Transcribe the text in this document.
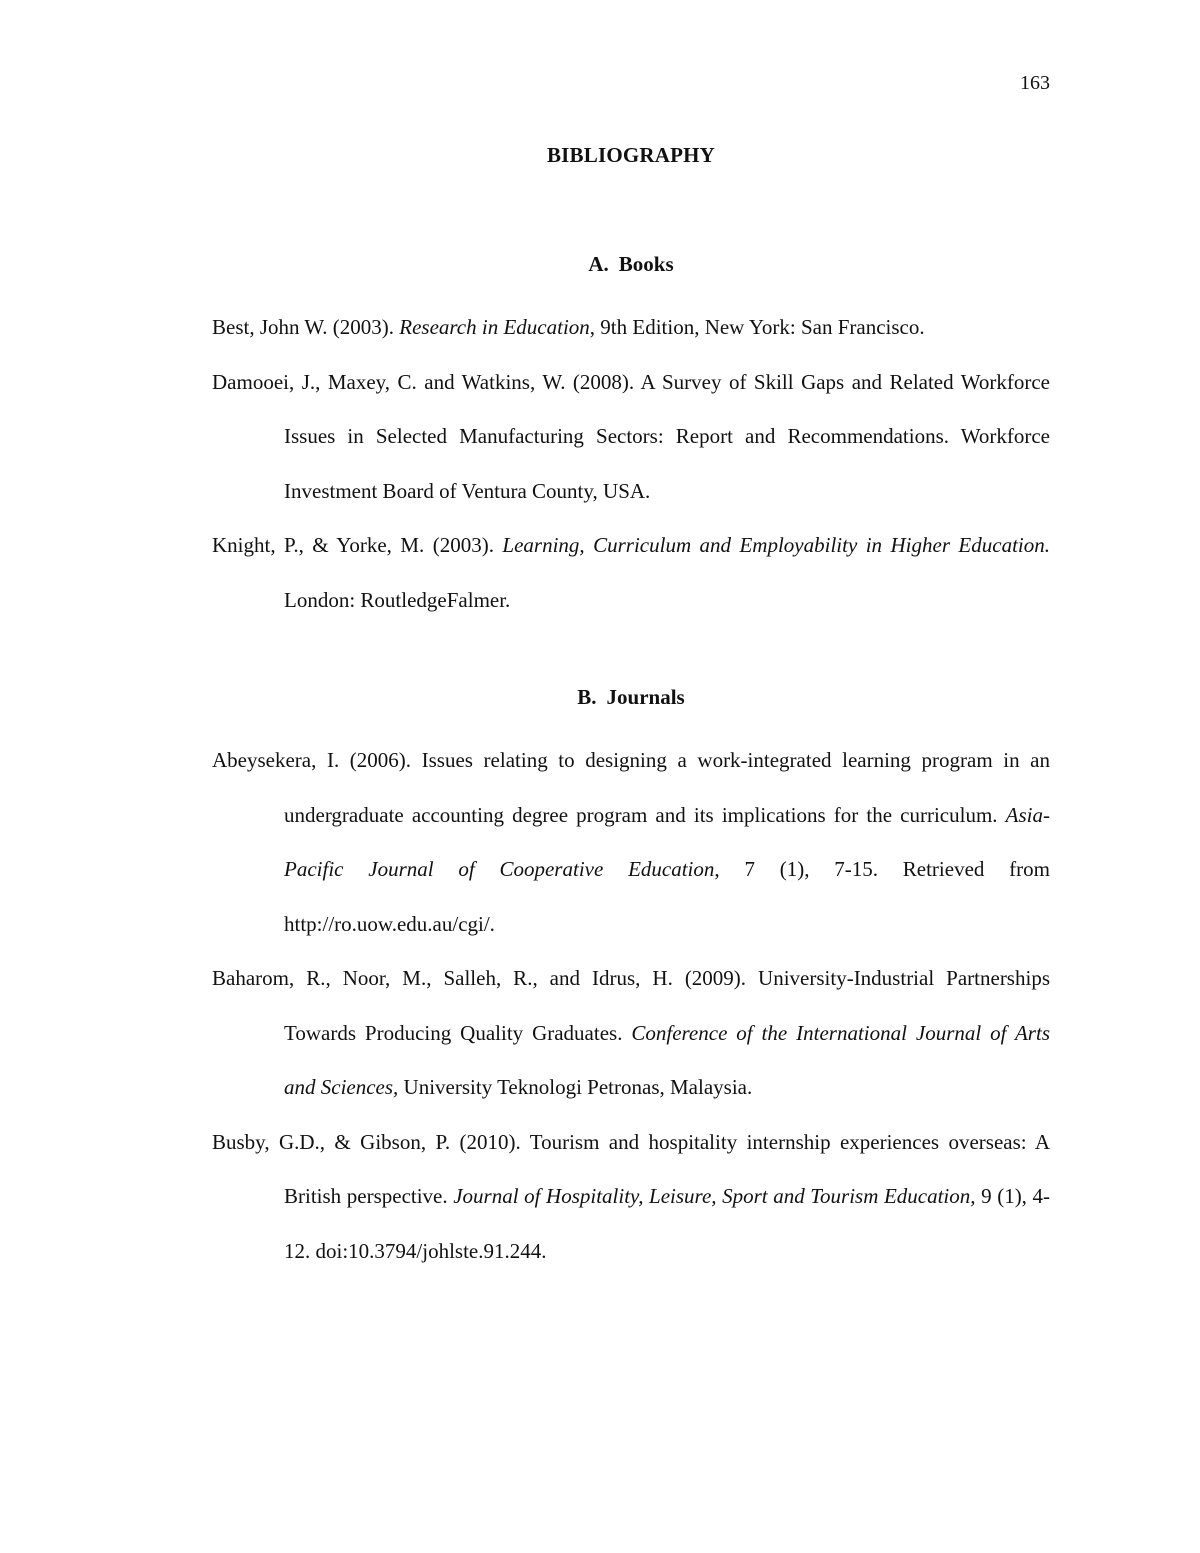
163
BIBLIOGRAPHY
A. Books

Best, John W. (2003). Research in Education, 9th Edition, New York: San Francisco.

Damooei, J., Maxey, C. and Watkins, W. (2008). A Survey of Skill Gaps and Related Workforce Issues in Selected Manufacturing Sectors: Report and Recommendations. Workforce Investment Board of Ventura County, USA.

Knight, P., & Yorke, M. (2003). Learning, Curriculum and Employability in Higher Education. London: RoutledgeFalmer.

B. Journals

Abeysekera, I. (2006). Issues relating to designing a work-integrated learning program in an undergraduate accounting degree program and its implications for the curriculum. Asia-Pacific Journal of Cooperative Education, 7 (1), 7-15. Retrieved from http://ro.uow.edu.au/cgi/.

Baharom, R., Noor, M., Salleh, R., and Idrus, H. (2009). University-Industrial Partnerships Towards Producing Quality Graduates. Conference of the International Journal of Arts and Sciences, University Teknologi Petronas, Malaysia.

Busby, G.D., & Gibson, P. (2010). Tourism and hospitality internship experiences overseas: A British perspective. Journal of Hospitality, Leisure, Sport and Tourism Education, 9 (1), 4-12. doi:10.3794/johlste.91.244.
